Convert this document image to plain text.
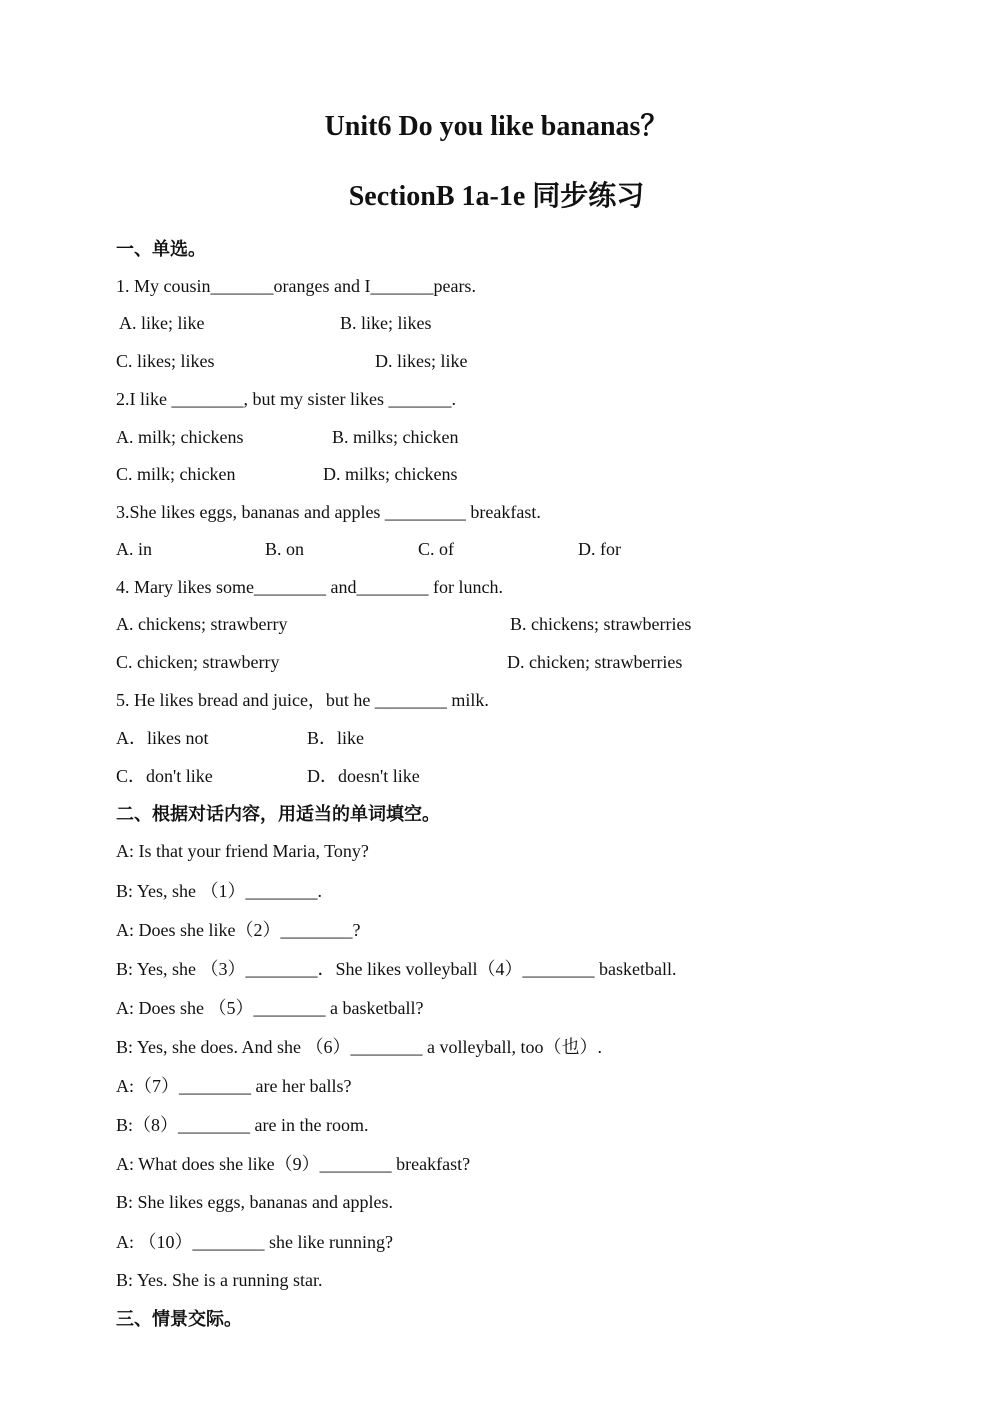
Unit6 Do you like bananas？
SectionB 1a-1e 同步练习
一、单选。
1. My cousin_______oranges and I_______pears.
A. like; like	B. like; likes
C. likes; likes	D. likes; like
2.I like ________, but my sister likes _______.
A. milk; chickens	B. milks; chicken
C. milk; chicken	D. milks; chickens
3.She likes eggs, bananas and apples _________ breakfast.
A. in	B. on	C. of	D. for
4. Mary likes some________ and________ for lunch.
A. chickens; strawberry	B. chickens; strawberries
C. chicken; strawberry	D. chicken; strawberries
5. He likes bread and juice，but he ________ milk.
A．likes not	B．like
C．don't like	D．doesn't like
二、根据对话内容，用适当的单词填空。
A: Is that your friend Maria, Tony?
B: Yes, she （1）________.
A: Does she like（2）________?
B: Yes, she （3）________．She likes volleyball（4）________ basketball.
A: Does she （5）________ a basketball?
B: Yes, she does. And she （6）________ a volleyball, too（也）.
A:（7）________ are her balls?
B:（8）________ are in the room.
A: What does she like（9）________ breakfast?
B: She likes eggs, bananas and apples.
A: （10）________ she like running?
B: Yes. She is a running star.
三、情景交际。
